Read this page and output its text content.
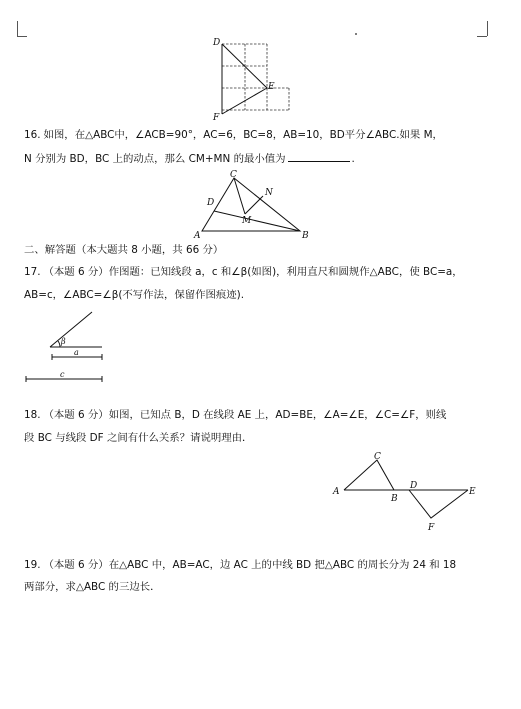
D
E
F
16. 如图，在△ABC中，∠ACB=90°，AC=6，BC=8，AB=10，BD平分∠ABC.如果 M，
N 分别为 BD，BC 上的动点，那么 CM+MN 的最小值为	.
C
N
D
M
A	B
二、解答题（本大题共 8 小题，共 66 分）
17. （本题 6 分）作图题：已知线段 a，c 和∠β(如图)，利用直尺和圆规作△ABC，使 BC=a，
AB=c，∠ABC=∠β(不写作法，保留作图痕迹).
β
a
c
18. （本题 6 分）如图，已知点 B，D 在线段 AE 上，AD=BE，∠A=∠E，∠C=∠F，则线
段 BC 与线段 DF 之间有什么关系？请说明理由．
C
A
B
D
E
F
19. （本题 6 分）在△ABC 中，AB=AC，边 AC 上的中线 BD 把△ABC 的周长分为 24 和 18
两部分，求△ABC 的三边长．
